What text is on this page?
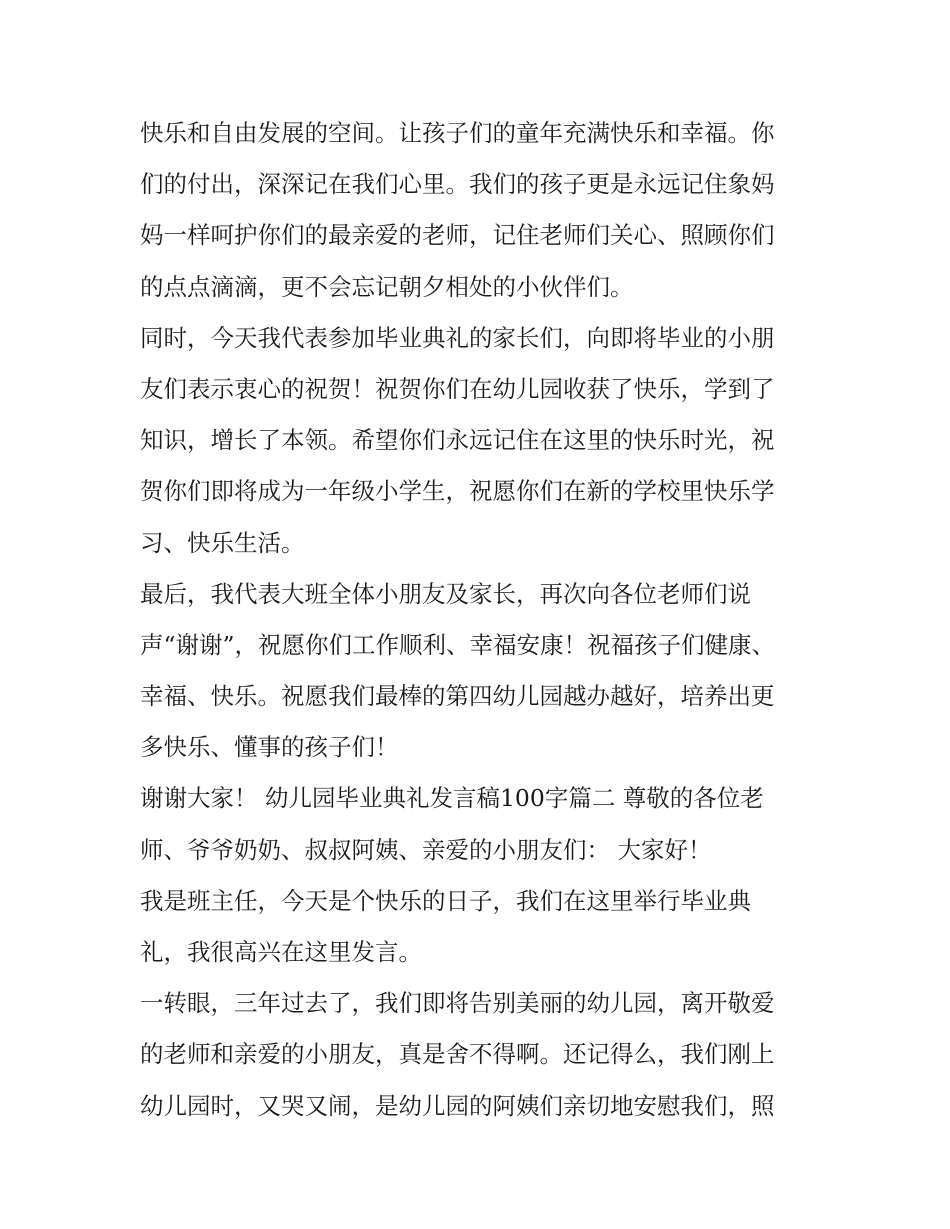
快乐和自由发展的空间。让孩子们的童年充满快乐和幸福。你
们的付出，深深记在我们心里。我们的孩子更是永远记住象妈
妈一样呵护你们的最亲爱的老师，记住老师们关心、照顾你们
的点点滴滴，更不会忘记朝夕相处的小伙伴们。
同时，今天我代表参加毕业典礼的家长们，向即将毕业的小朋
友们表示衷心的祝贺！祝贺你们在幼儿园收获了快乐，学到了
知识，增长了本领。希望你们永远记住在这里的快乐时光，祝
贺你们即将成为一年级小学生，祝愿你们在新的学校里快乐学
习、快乐生活。
最后，我代表大班全体小朋友及家长，再次向各位老师们说
声“谢谢”，祝愿你们工作顺利、幸福安康！祝福孩子们健康、
幸福、快乐。祝愿我们最棒的第四幼儿园越办越好，培养出更
多快乐、懂事的孩子们！
谢谢大家！ 幼儿园毕业典礼发言稿100字篇二 尊敬的各位老
师、爷爷奶奶、叔叔阿姨、亲爱的小朋友们： 大家好！
我是班主任，今天是个快乐的日子，我们在这里举行毕业典
礼，我很高兴在这里发言。
一转眼，三年过去了，我们即将告别美丽的幼儿园，离开敬爱
的老师和亲爱的小朋友，真是舍不得啊。还记得么，我们刚上
幼儿园时，又哭又闹，是幼儿园的阿姨们亲切地安慰我们，照
